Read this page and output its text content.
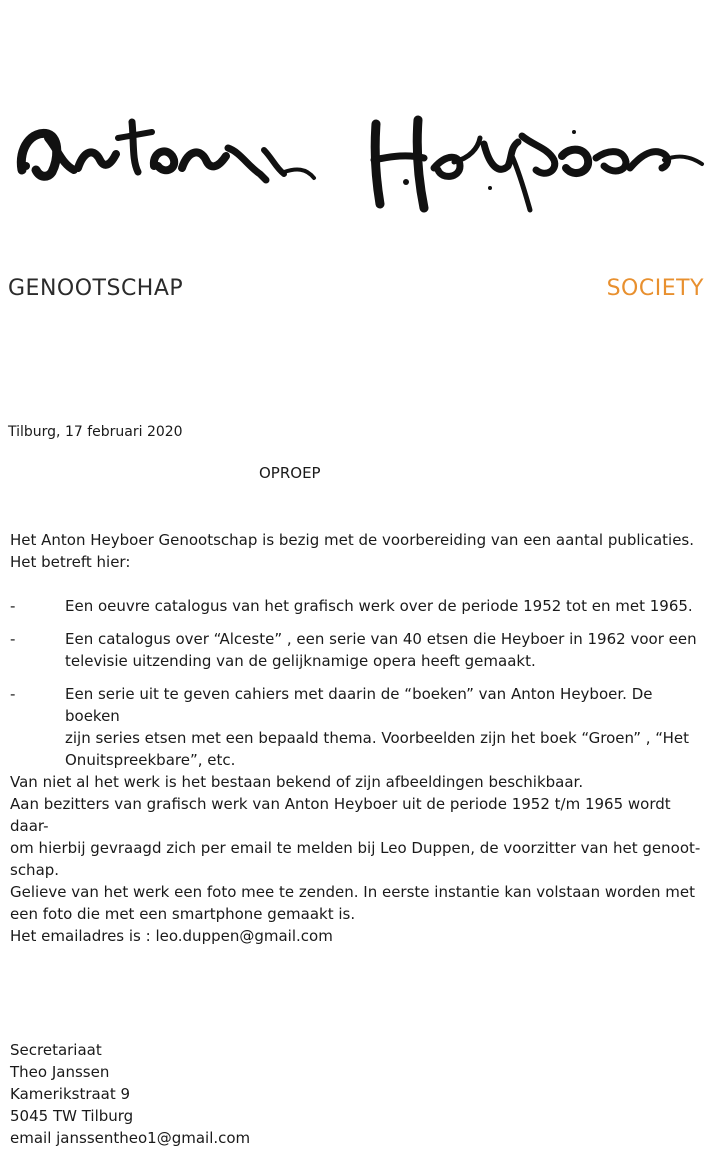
GENOOTSCHAP	SOCIETY
Tilburg, 17 februari 2020
OPROEP
Het Anton Heyboer Genootschap is bezig met de voorbereiding van een aantal publicaties.
Het betreft hier:
-	Een oeuvre catalogus van het grafisch werk over de periode 1952 tot en met 1965.
-	Een catalogus over “Alceste” , een serie van 40 etsen die Heyboer in 1962 voor een
televisie uitzending van de gelijknamige opera heeft gemaakt.
-	Een serie uit te geven cahiers met daarin de “boeken” van Anton Heyboer. De boeken
zijn series etsen met een bepaald thema. Voorbeelden zijn het boek “Groen” , “Het
Onuitspreekbare”, etc.
Van niet al het werk is het bestaan bekend of zijn afbeeldingen beschikbaar.
Aan bezitters van grafisch werk van Anton Heyboer uit de periode 1952 t/m 1965 wordt daar-
om hierbij gevraagd zich per email te melden bij Leo Duppen, de voorzitter van het genoot-
schap.
Gelieve van het werk een foto mee te zenden. In eerste instantie kan volstaan worden met
een foto die met een smartphone gemaakt is.
Het emailadres is : leo.duppen@gmail.com
Secretariaat
Theo Janssen
Kamerikstraat 9
5045 TW Tilburg
email janssentheo1@gmail.com
